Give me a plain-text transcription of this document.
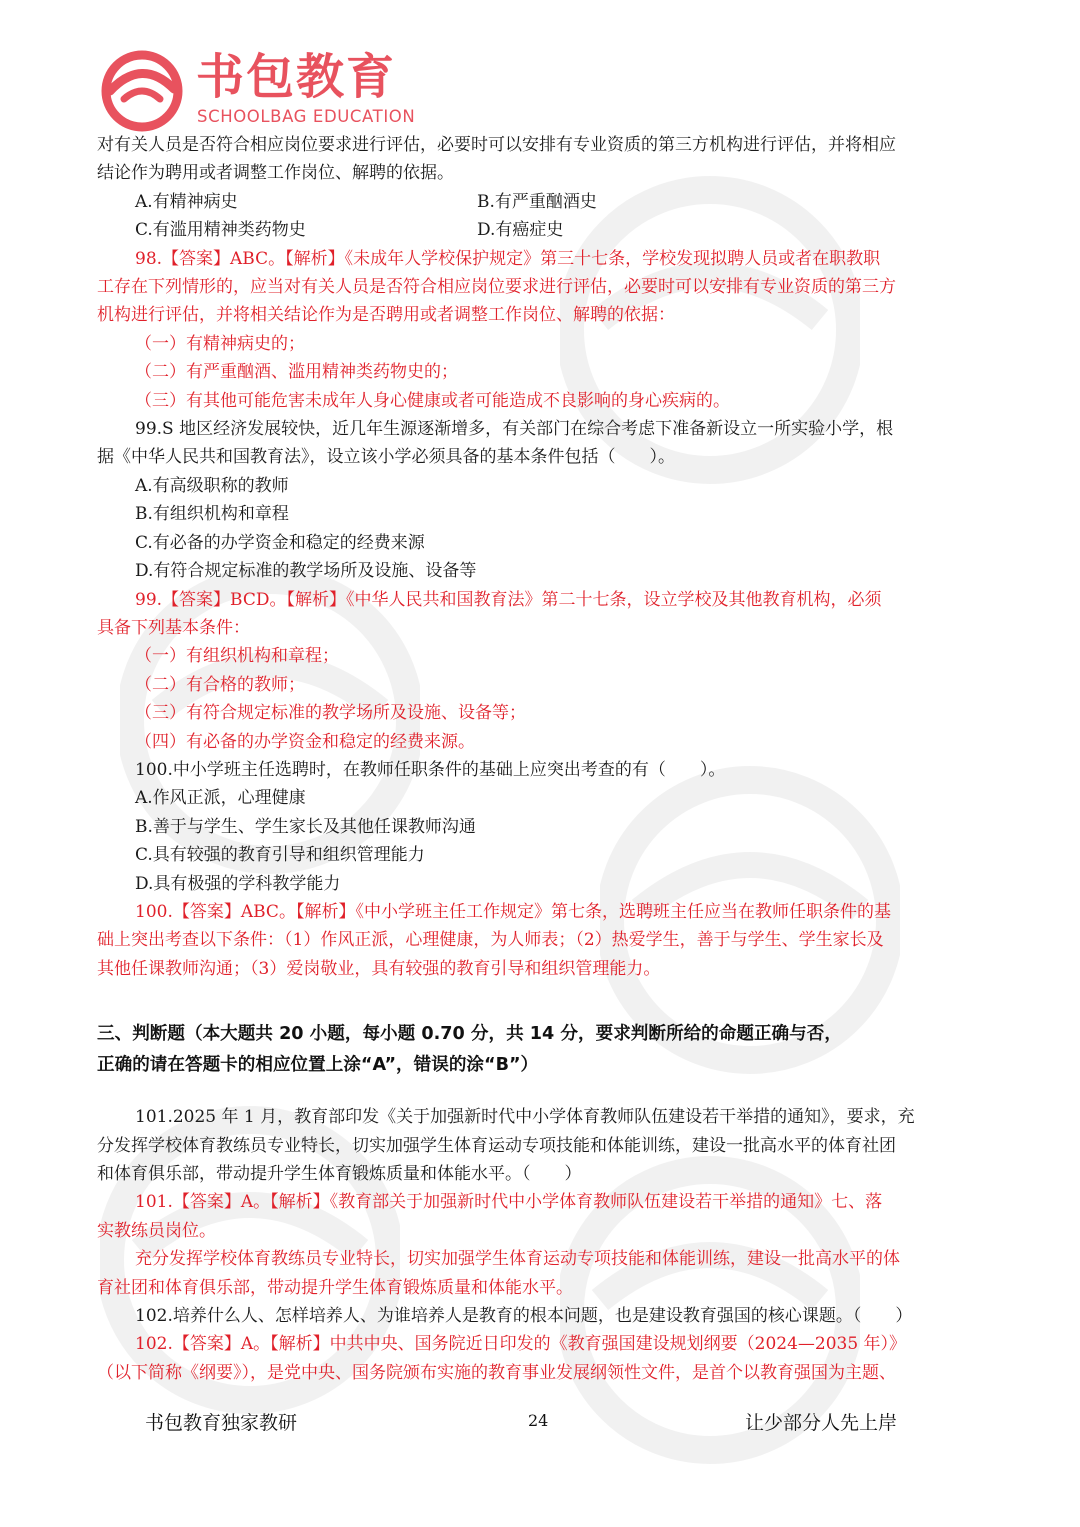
书包教育
SCHOOLBAG EDUCATION
对有关人员是否符合相应岗位要求进行评估，必要时可以安排有专业资质的第三方机构进行评估，并将相应
结论作为聘用或者调整工作岗位、解聘的依据。
A.有精神病史	B.有严重酗酒史
C.有滥用精神类药物史	D.有癌症史
98.【答案】ABC。【解析】《未成年人学校保护规定》第三十七条，学校发现拟聘人员或者在职教职
工存在下列情形的，应当对有关人员是否符合相应岗位要求进行评估，必要时可以安排有专业资质的第三方
机构进行评估，并将相关结论作为是否聘用或者调整工作岗位、解聘的依据：
（一）有精神病史的；
（二）有严重酗酒、滥用精神类药物史的；
（三）有其他可能危害未成年人身心健康或者可能造成不良影响的身心疾病的。
99.S 地区经济发展较快，近几年生源逐渐增多，有关部门在综合考虑下准备新设立一所实验小学，根
据《中华人民共和国教育法》，设立该小学必须具备的基本条件包括（　　）。
A.有高级职称的教师
B.有组织机构和章程
C.有必备的办学资金和稳定的经费来源
D.有符合规定标准的教学场所及设施、设备等
99.【答案】BCD。【解析】《中华人民共和国教育法》第二十七条，设立学校及其他教育机构，必须
具备下列基本条件：
（一）有组织机构和章程；
（二）有合格的教师；
（三）有符合规定标准的教学场所及设施、设备等；
（四）有必备的办学资金和稳定的经费来源。
100.中小学班主任选聘时，在教师任职条件的基础上应突出考查的有（　　）。
A.作风正派，心理健康
B.善于与学生、学生家长及其他任课教师沟通
C.具有较强的教育引导和组织管理能力
D.具有极强的学科教学能力
100.【答案】ABC。【解析】《中小学班主任工作规定》第七条，选聘班主任应当在教师任职条件的基
础上突出考查以下条件：（1）作风正派，心理健康，为人师表；（2）热爱学生，善于与学生、学生家长及
其他任课教师沟通；（3）爱岗敬业，具有较强的教育引导和组织管理能力。
三、判断题（本大题共 20 小题，每小题 0.70 分，共 14 分，要求判断所给的命题正确与否，
正确的请在答题卡的相应位置上涂“A”，错误的涂“B”）
101.2025 年 1 月，教育部印发《关于加强新时代中小学体育教师队伍建设若干举措的通知》，要求，充
分发挥学校体育教练员专业特长，切实加强学生体育运动专项技能和体能训练，建设一批高水平的体育社团
和体育俱乐部，带动提升学生体育锻炼质量和体能水平。（　　）
101.【答案】A。【解析】《教育部关于加强新时代中小学体育教师队伍建设若干举措的通知》七、落
实教练员岗位。
充分发挥学校体育教练员专业特长，切实加强学生体育运动专项技能和体能训练，建设一批高水平的体
育社团和体育俱乐部，带动提升学生体育锻炼质量和体能水平。
102.培养什么人、怎样培养人、为谁培养人是教育的根本问题，也是建设教育强国的核心课题。（　　）
102.【答案】A。【解析】中共中央、国务院近日印发的《教育强国建设规划纲要（2024—2035 年）》
（以下简称《纲要》），是党中央、国务院颁布实施的教育事业发展纲领性文件，是首个以教育强国为主题、
书包教育独家教研	24	让少部分人先上岸
